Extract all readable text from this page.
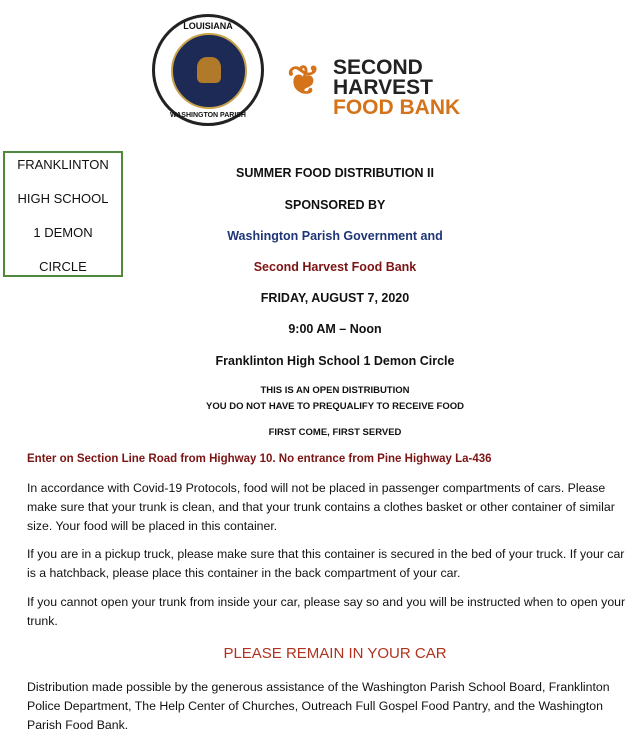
LOUISIANA
WASHINGTON PARISH
❦ SECOND
HARVEST
FOOD BANK
FRANKLINTON
HIGH SCHOOL
1 DEMON
CIRCLE
SUMMER FOOD DISTRIBUTION II
SPONSORED BY
Washington Parish Government and
Second Harvest Food Bank
FRIDAY, AUGUST 7, 2020
9:00 AM – Noon
Franklinton High School 1 Demon Circle
THIS IS AN OPEN DISTRIBUTION
YOU DO NOT HAVE TO PREQUALIFY TO RECEIVE FOOD
FIRST COME, FIRST SERVED
Enter on Section Line Road from Highway 10. No entrance from Pine Highway La-436
In accordance with Covid-19 Protocols, food will not be placed in passenger compartments of cars. Please make sure that your trunk is clean, and that your trunk contains a clothes basket or other container of similar size. Your food will be placed in this container.
If you are in a pickup truck, please make sure that this container is secured in the bed of your truck. If your car is a hatchback, please place this container in the back compartment of your car.
If you cannot open your trunk from inside your car, please say so and you will be instructed when to open your trunk.
PLEASE REMAIN IN YOUR CAR
Distribution made possible by the generous assistance of the Washington Parish School Board, Franklinton Police Department, The Help Center of Churches, Outreach Full Gospel Food Pantry, and the Washington Parish Food Bank.
